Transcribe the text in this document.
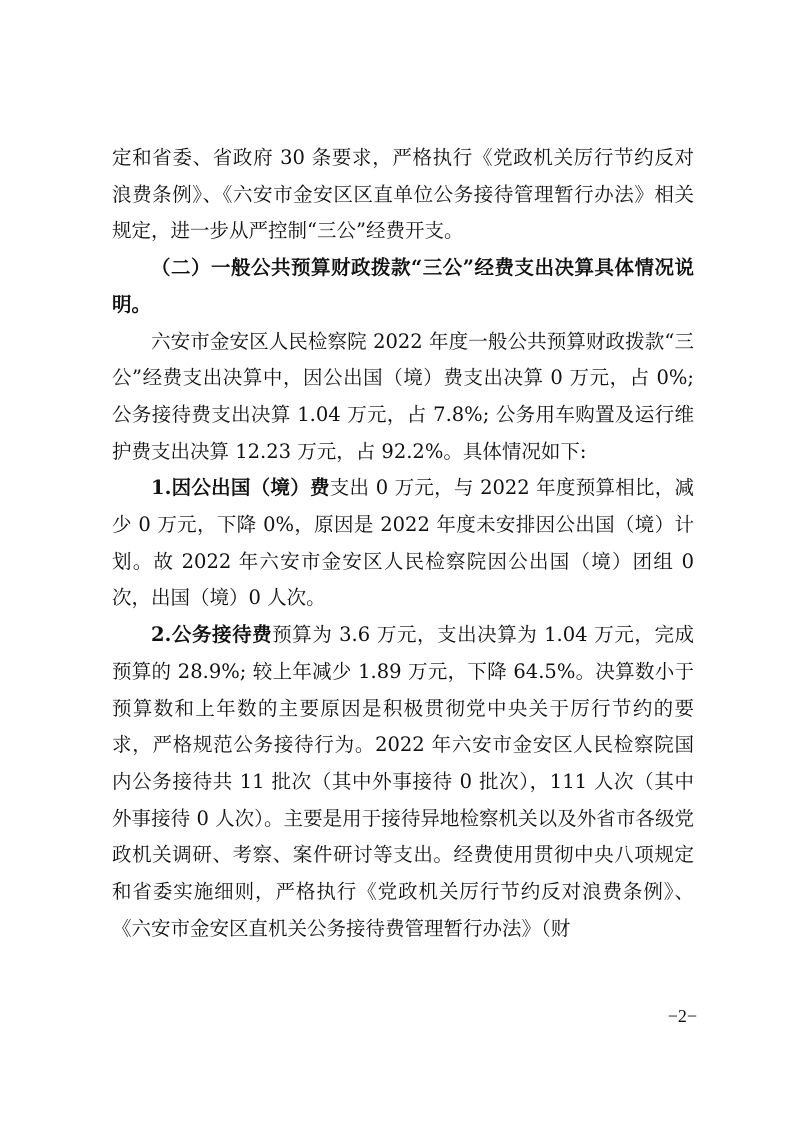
定和省委、省政府 30 条要求，严格执行《党政机关厉行节约反对浪费条例》、《六安市金安区区直单位公务接待管理暂行办法》相关规定，进一步从严控制“三公”经费开支。

（二）一般公共预算财政拨款“三公”经费支出决算具体情况说明。

六安市金安区人民检察院 2022 年度一般公共预算财政拨款“三公”经费支出决算中，因公出国（境）费支出决算 0 万元，占 0%;公务接待费支出决算 1.04 万元，占 7.8%; 公务用车购置及运行维护费支出决算 12.23 万元，占 92.2%。具体情况如下:

1.因公出国（境）费支出 0 万元，与 2022 年度预算相比，减少 0 万元，下降 0%，原因是 2022 年度未安排因公出国（境）计划。故 2022 年六安市金安区人民检察院因公出国（境）团组 0 次，出国（境）0 人次。

2.公务接待费预算为 3.6 万元，支出决算为 1.04 万元，完成预算的 28.9%; 较上年减少 1.89 万元，下降 64.5%。决算数小于预算数和上年数的主要原因是积极贯彻党中央关于厉行节约的要求，严格规范公务接待行为。2022 年六安市金安区人民检察院国内公务接待共 11 批次（其中外事接待 0 批次），111 人次（其中外事接待 0 人次）。主要是用于接待异地检察机关以及外省市各级党政机关调研、考察、案件研讨等支出。经费使用贯彻中央八项规定和省委实施细则，严格执行《党政机关厉行节约反对浪费条例》、《六安市金安区直机关公务接待费管理暂行办法》（财

−2−
